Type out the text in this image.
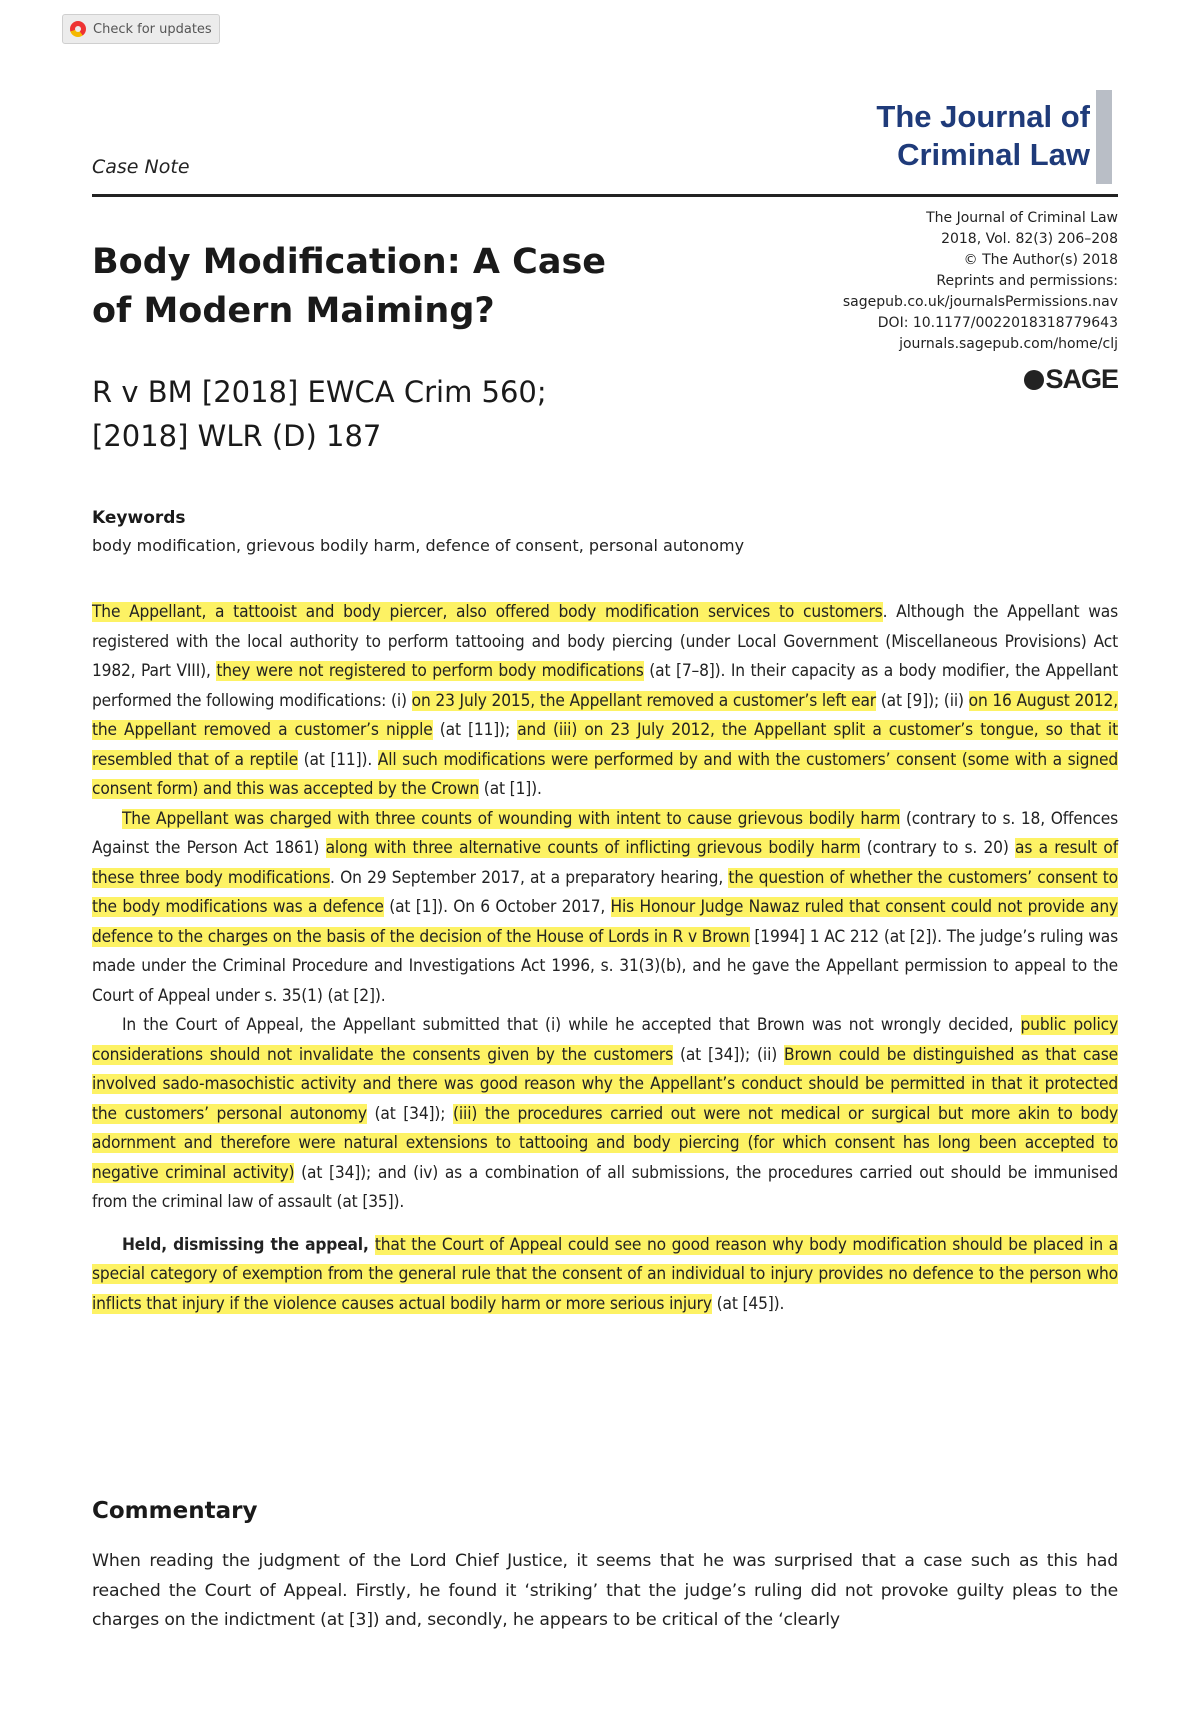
Check for updates
The Journal of
Criminal Law
Case Note
The Journal of Criminal Law
2018, Vol. 82(3) 206–208
© The Author(s) 2018
Reprints and permissions:
sagepub.co.uk/journalsPermissions.nav
DOI: 10.1177/0022018318779643
journals.sagepub.com/home/clj
SAGE
Body Modification: A Case
of Modern Maiming?
R v BM [2018] EWCA Crim 560;
[2018] WLR (D) 187
Keywords
body modification, grievous bodily harm, defence of consent, personal autonomy

The Appellant, a tattooist and body piercer, also offered body modification services to customers. Although the Appellant was registered with the local authority to perform tattooing and body piercing (under Local Government (Miscellaneous Provisions) Act 1982, Part VIII), they were not registered to perform body modifications (at [7–8]). In their capacity as a body modifier, the Appellant performed the following modifications: (i) on 23 July 2015, the Appellant removed a customer’s left ear (at [9]); (ii) on 16 August 2012, the Appellant removed a customer’s nipple (at [11]); and (iii) on 23 July 2012, the Appellant split a customer’s tongue, so that it resembled that of a reptile (at [11]). All such modifications were performed by and with the customers’ consent (some with a signed consent form) and this was accepted by the Crown (at [1]).

The Appellant was charged with three counts of wounding with intent to cause grievous bodily harm (contrary to s. 18, Offences Against the Person Act 1861) along with three alternative counts of inflicting grievous bodily harm (contrary to s. 20) as a result of these three body modifications. On 29 September 2017, at a preparatory hearing, the question of whether the customers’ consent to the body modifications was a defence (at [1]). On 6 October 2017, His Honour Judge Nawaz ruled that consent could not provide any defence to the charges on the basis of the decision of the House of Lords in R v Brown [1994] 1 AC 212 (at [2]). The judge’s ruling was made under the Criminal Procedure and Investigations Act 1996, s. 31(3)(b), and he gave the Appellant permission to appeal to the Court of Appeal under s. 35(1) (at [2]).

In the Court of Appeal, the Appellant submitted that (i) while he accepted that Brown was not wrongly decided, public policy considerations should not invalidate the consents given by the customers (at [34]); (ii) Brown could be distinguished as that case involved sado-masochistic activity and there was good reason why the Appellant’s conduct should be permitted in that it protected the customers’ personal autonomy (at [34]); (iii) the procedures carried out were not medical or surgical but more akin to body adornment and therefore were natural extensions to tattooing and body piercing (for which consent has long been accepted to negative criminal activity) (at [34]); and (iv) as a combination of all submissions, the procedures carried out should be immunised from the criminal law of assault (at [35]).

Held, dismissing the appeal, that the Court of Appeal could see no good reason why body modification should be placed in a special category of exemption from the general rule that the consent of an individual to injury provides no defence to the person who inflicts that injury if the violence causes actual bodily harm or more serious injury (at [45]).

Commentary

When reading the judgment of the Lord Chief Justice, it seems that he was surprised that a case such as this had reached the Court of Appeal. Firstly, he found it ‘striking’ that the judge’s ruling did not provoke guilty pleas to the charges on the indictment (at [3]) and, secondly, he appears to be critical of the ‘clearly
